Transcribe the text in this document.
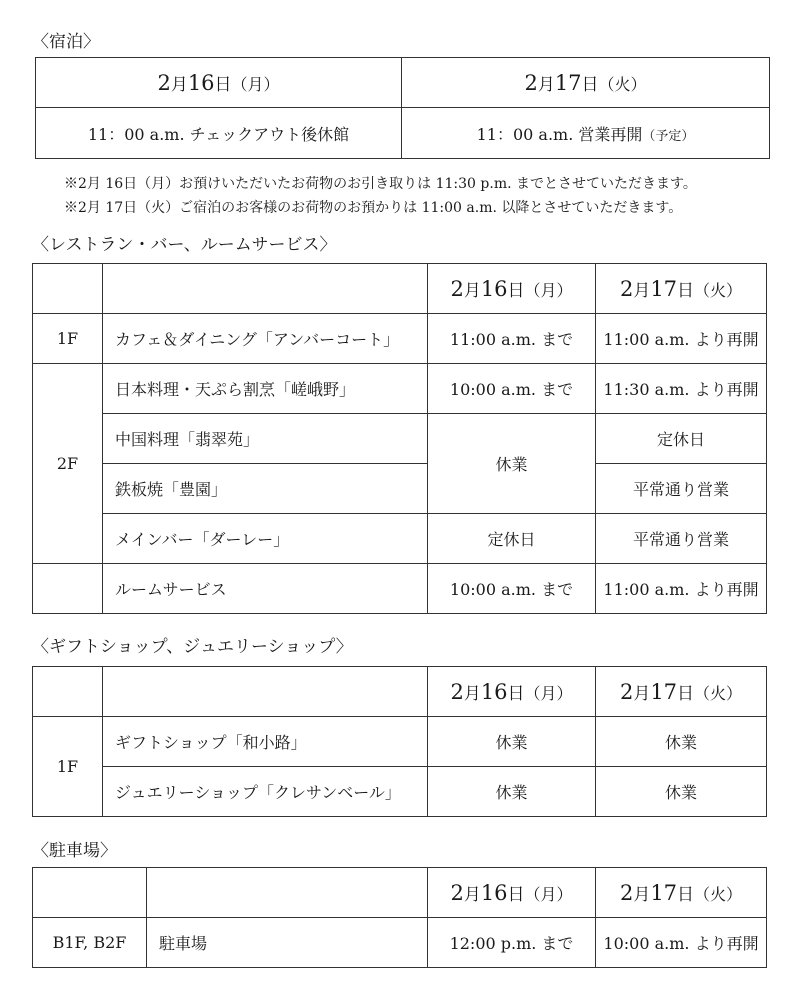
〈宿泊〉
2月16日（月）	2月17日（火）
11：00 a.m. チェックアウト後休館	11：00 a.m. 営業再開（予定）
※2月 16日（月）お預けいただいたお荷物のお引き取りは 11:30 p.m. までとさせていただきます。
※2月 17日（火）ご宿泊のお客様のお荷物のお預かりは 11:00 a.m. 以降とさせていただきます。
〈レストラン・バー、ルームサービス〉
		2月16日（月）	2月17日（火）
1F	カフェ＆ダイニング「アンバーコート」	11:00 a.m. まで	11:00 a.m. より再開
2F	日本料理・天ぷら割烹「嵯峨野」	10:00 a.m. まで	11:30 a.m. より再開
	中国料理「翡翠苑」	休業	定休日
	鉄板焼「豊園」		平常通り営業
	メインバー「ダーレー」	定休日	平常通り営業
	ルームサービス	10:00 a.m. まで	11:00 a.m. より再開
〈ギフトショップ、ジュエリーショップ〉
		2月16日（月）	2月17日（火）
1F	ギフトショップ「和小路」	休業	休業
	ジュエリーショップ「クレサンベール」	休業	休業
〈駐車場〉
		2月16日（月）	2月17日（火）
B1F, B2F	駐車場	12:00 p.m. まで	10:00 a.m. より再開
